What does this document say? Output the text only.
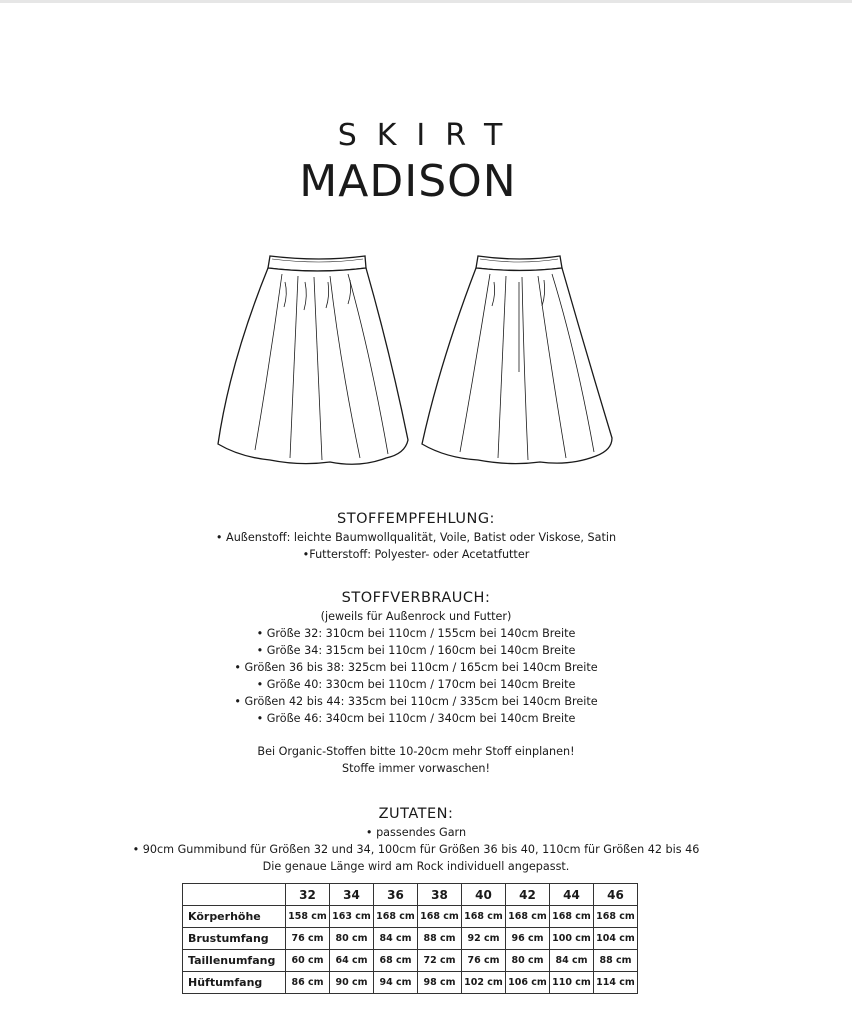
SKIRT
MADISON

STOFFEMPFEHLUNG:

• Außenstoff: leichte Baumwollqualität, Voile, Batist oder Viskose, Satin

•Futterstoff: Polyester- oder Acetatfutter

STOFFVERBRAUCH:

(jeweils für Außenrock und Futter)

• Größe 32: 310cm bei 110cm / 155cm bei 140cm Breite

• Größe 34: 315cm bei 110cm / 160cm bei 140cm Breite

• Größen 36 bis 38: 325cm bei 110cm / 165cm bei 140cm Breite

• Größe 40: 330cm bei 110cm / 170cm bei 140cm Breite

• Größen 42 bis 44: 335cm bei 110cm / 335cm bei 140cm Breite

• Größe 46: 340cm bei 110cm / 340cm bei 140cm Breite

Bei Organic-Stoffen bitte 10-20cm mehr Stoff einplanen!

Stoffe immer vorwaschen!

ZUTATEN:

• passendes Garn

• 90cm Gummibund für Größen 32 und 34, 100cm für Größen 36 bis 40, 110cm für Größen 42 bis 46

Die genaue Länge wird am Rock individuell angepasst.

	32	34	36	38	40	42	44	46
Körperhöhe	158 cm	163 cm	168 cm	168 cm	168 cm	168 cm	168 cm	168 cm
Brustumfang	76 cm	80 cm	84 cm	88 cm	92 cm	96 cm	100 cm	104 cm
Taillenumfang	60 cm	64 cm	68 cm	72 cm	76 cm	80 cm	84 cm	88 cm
Hüftumfang	86 cm	90 cm	94 cm	98 cm	102 cm	106 cm	110 cm	114 cm
